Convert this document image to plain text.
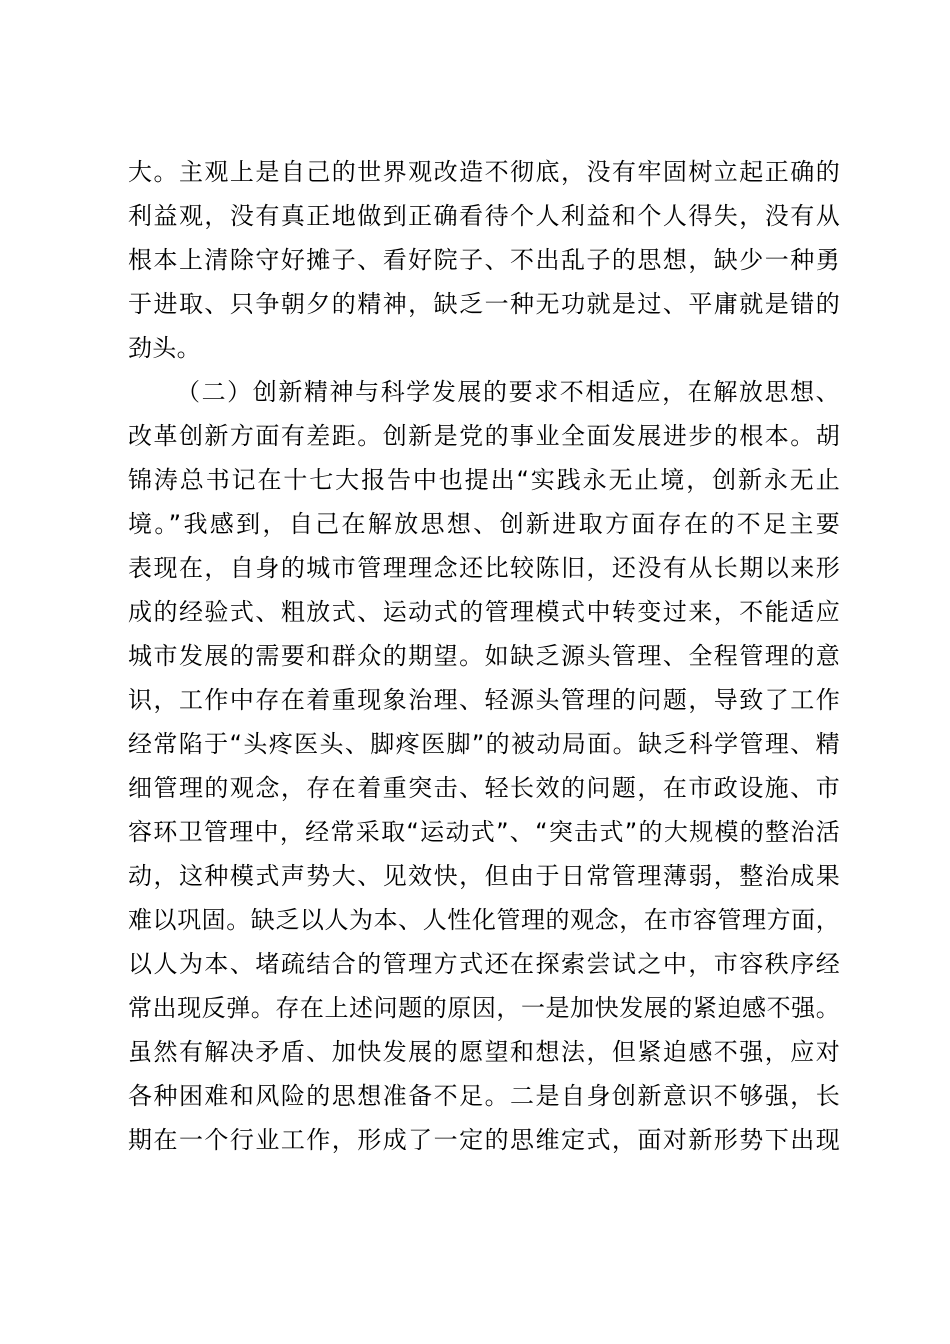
大。主观上是自己的世界观改造不彻底，没有牢固树立起正确的
利益观，没有真正地做到正确看待个人利益和个人得失，没有从
根本上清除守好摊子、看好院子、不出乱子的思想，缺少一种勇
于进取、只争朝夕的精神，缺乏一种无功就是过、平庸就是错的
劲头。
（二）创新精神与科学发展的要求不相适应，在解放思想、
改革创新方面有差距。创新是党的事业全面发展进步的根本。胡
锦涛总书记在十七大报告中也提出“实践永无止境，创新永无止
境。”我感到，自己在解放思想、创新进取方面存在的不足主要
表现在，自身的城市管理理念还比较陈旧，还没有从长期以来形
成的经验式、粗放式、运动式的管理模式中转变过来，不能适应
城市发展的需要和群众的期望。如缺乏源头管理、全程管理的意
识，工作中存在着重现象治理、轻源头管理的问题，导致了工作
经常陷于“头疼医头、脚疼医脚”的被动局面。缺乏科学管理、精
细管理的观念，存在着重突击、轻长效的问题，在市政设施、市
容环卫管理中，经常采取“运动式”、“突击式”的大规模的整治活
动，这种模式声势大、见效快，但由于日常管理薄弱，整治成果
难以巩固。缺乏以人为本、人性化管理的观念，在市容管理方面，
以人为本、堵疏结合的管理方式还在探索尝试之中，市容秩序经
常出现反弹。存在上述问题的原因，一是加快发展的紧迫感不强。
虽然有解决矛盾、加快发展的愿望和想法，但紧迫感不强，应对
各种困难和风险的思想准备不足。二是自身创新意识不够强，长
期在一个行业工作，形成了一定的思维定式，面对新形势下出现
